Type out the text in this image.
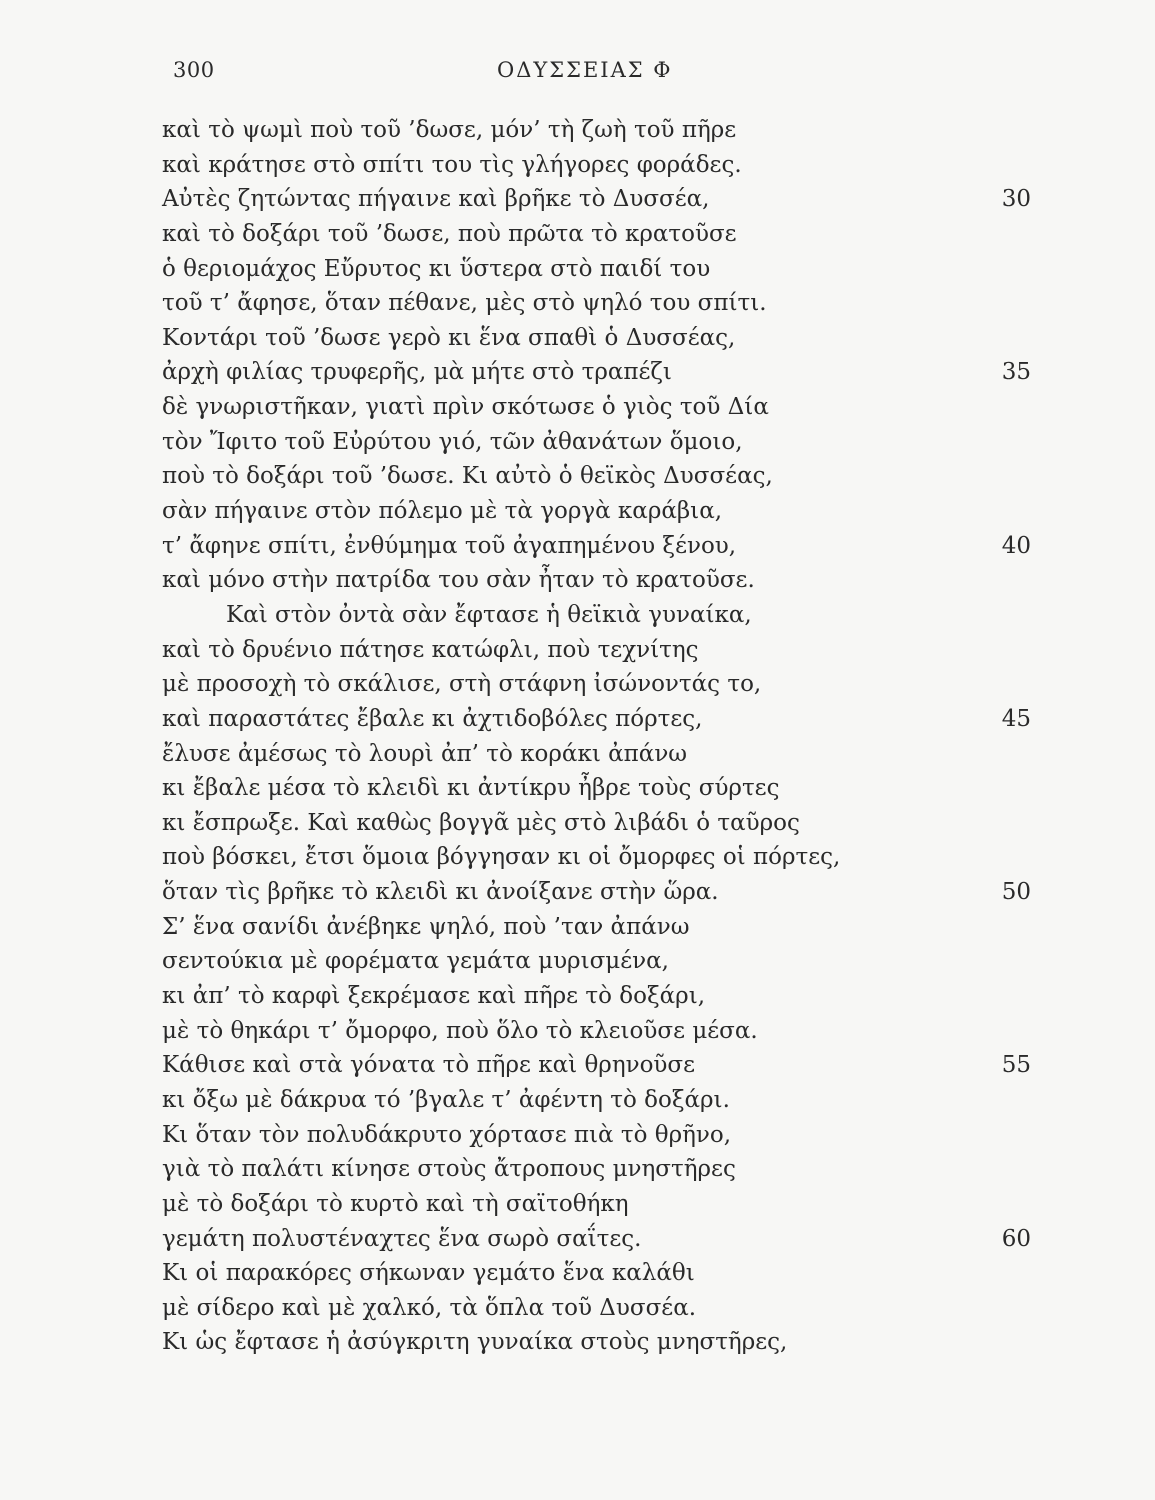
300	ΟΔΥΣΣΕΙΑΣ Φ
καὶ τὸ ψωμὶ ποὺ τοῦ ’δωσε, μόν’ τὴ ζωὴ τοῦ πῆρε
καὶ κράτησε στὸ σπίτι του τὶς γλήγορες φοράδες.
Αὐτὲς ζητώντας πήγαινε καὶ βρῆκε τὸ Δυσσέα,	30
καὶ τὸ δοξάρι τοῦ ’δωσε, ποὺ πρῶτα τὸ κρατοῦσε
ὁ θεριομάχος Εὔρυτος κι ὕστερα στὸ παιδί του
τοῦ τ’ ἄφησε, ὅταν πέθανε, μὲς στὸ ψηλό του σπίτι.
Κοντάρι τοῦ ’δωσε γερὸ κι ἕνα σπαθὶ ὁ Δυσσέας,
ἀρχὴ φιλίας τρυφερῆς, μὰ μήτε στὸ τραπέζι	35
δὲ γνωριστῆκαν, γιατὶ πρὶν σκότωσε ὁ γιὸς τοῦ Δία
τὸν Ἴφιτο τοῦ Εὐρύτου γιό, τῶν ἀθανάτων ὅμοιο,
ποὺ τὸ δοξάρι τοῦ ’δωσε. Κι αὐτὸ ὁ θεϊκὸς Δυσσέας,
σὰν πήγαινε στὸν πόλεμο μὲ τὰ γοργὰ καράβια,
τ’ ἄφηνε σπίτι, ἐνθύμημα τοῦ ἀγαπημένου ξένου,	40
καὶ μόνο στὴν πατρίδα του σὰν ἦταν τὸ κρατοῦσε.
Καὶ στὸν ὀντὰ σὰν ἔφτασε ἡ θεϊκιὰ γυναίκα,
καὶ τὸ δρυένιο πάτησε κατώφλι, ποὺ τεχνίτης
μὲ προσοχὴ τὸ σκάλισε, στὴ στάφνη ἰσώνοντάς το,
καὶ παραστάτες ἔβαλε κι ἀχτιδοβόλες πόρτες,	45
ἔλυσε ἀμέσως τὸ λουρὶ ἀπ’ τὸ κοράκι ἀπάνω
κι ἔβαλε μέσα τὸ κλειδὶ κι ἀντίκρυ ἦβρε τοὺς σύρτες
κι ἔσπρωξε. Καὶ καθὼς βογγᾶ μὲς στὸ λιβάδι ὁ ταῦρος
ποὺ βόσκει, ἔτσι ὅμοια βόγγησαν κι οἱ ὄμορφες οἱ πόρτες,
ὅταν τὶς βρῆκε τὸ κλειδὶ κι ἀνοίξανε στὴν ὥρα.	50
Σ’ ἕνα σανίδι ἀνέβηκε ψηλό, ποὺ ’ταν ἀπάνω
σεντούκια μὲ φορέματα γεμάτα μυρισμένα,
κι ἀπ’ τὸ καρφὶ ξεκρέμασε καὶ πῆρε τὸ δοξάρι,
μὲ τὸ θηκάρι τ’ ὄμορφο, ποὺ ὅλο τὸ κλειοῦσε μέσα.
Κάθισε καὶ στὰ γόνατα τὸ πῆρε καὶ θρηνοῦσε	55
κι ὄξω μὲ δάκρυα τό ’βγαλε τ’ ἀφέντη τὸ δοξάρι.
Κι ὅταν τὸν πολυδάκρυτο χόρτασε πιὰ τὸ θρῆνο,
γιὰ τὸ παλάτι κίνησε στοὺς ἄτροπους μνηστῆρες
μὲ τὸ δοξάρι τὸ κυρτὸ καὶ τὴ σαϊτοθήκη
γεμάτη πολυστέναχτες ἕνα σωρὸ σαΐτες.	60
Κι οἱ παρακόρες σήκωναν γεμάτο ἕνα καλάθι
μὲ σίδερο καὶ μὲ χαλκό, τὰ ὅπλα τοῦ Δυσσέα.
Κι ὡς ἔφτασε ἡ ἀσύγκριτη γυναίκα στοὺς μνηστῆρες,
